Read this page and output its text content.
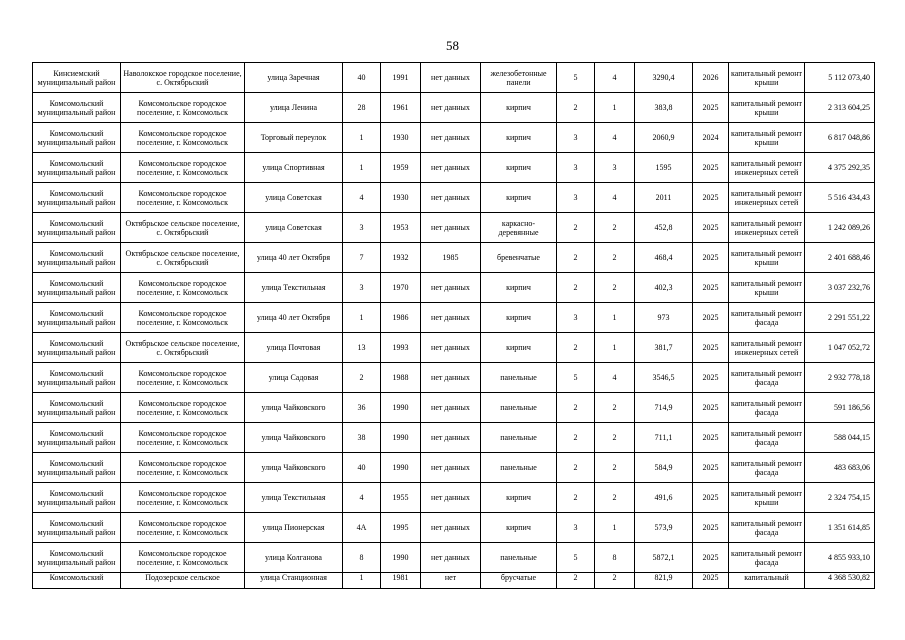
58
Кинсиемский муниципальный район	Наволокское городское поселение, с. Октябрьский	улица Заречная	40	1991	нет данных	железобетонные панели	5	4	3290,4	2026	капитальный ремонт крыши	5 112 073,40
Комсомольский муниципальный район	Комсомольское городское поселение, г. Комсомольск	улица Ленина	28	1961	нет данных	кирпич	2	1	383,8	2025	капитальный ремонт крыши	2 313 604,25
Комсомольский муниципальный район	Комсомольское городское поселение, г. Комсомольск	Торговый переулок	1	1930	нет данных	кирпич	3	4	2060,9	2024	капитальный ремонт крыши	6 817 048,86
Комсомольский муниципальный район	Комсомольское городское поселение, г. Комсомольск	улица Спортивная	1	1959	нет данных	кирпич	3	3	1595	2025	капитальный ремонт инженерных сетей	4 375 292,35
Комсомольский муниципальный район	Комсомольское городское поселение, г. Комсомольск	улица Советская	4	1930	нет данных	кирпич	3	4	2011	2025	капитальный ремонт инженерных сетей	5 516 434,43
Комсомольский муниципальный район	Октябрьское сельское поселение, с. Октябрьский	улица Советская	3	1953	нет данных	каркасно-деревянные	2	2	452,8	2025	капитальный ремонт инженерных сетей	1 242 089,26
Комсомольский муниципальный район	Октябрьское сельское поселение, с. Октябрьский	улица 40 лет Октября	7	1932	1985	бревенчатые	2	2	468,4	2025	капитальный ремонт крыши	2 401 688,46
Комсомольский муниципальный район	Комсомольское городское поселение, г. Комсомольск	улица Текстильная	3	1970	нет данных	кирпич	2	2	402,3	2025	капитальный ремонт крыши	3 037 232,76
Комсомольский муниципальный район	Комсомольское городское поселение, г. Комсомольск	улица 40 лет Октября	1	1986	нет данных	кирпич	3	1	973	2025	капитальный ремонт фасада	2 291 551,22
Комсомольский муниципальный район	Октябрьское сельское поселение, с. Октябрьский	улица Почтовая	13	1993	нет данных	кирпич	2	1	381,7	2025	капитальный ремонт инженерных сетей	1 047 052,72
Комсомольский муниципальный район	Комсомольское городское поселение, г. Комсомольск	улица Садовая	2	1988	нет данных	панельные	5	4	3546,5	2025	капитальный ремонт фасада	2 932 778,18
Комсомольский муниципальный район	Комсомольское городское поселение, г. Комсомольск	улица Чайковского	36	1990	нет данных	панельные	2	2	714,9	2025	капитальный ремонт фасада	591 186,56
Комсомольский муниципальный район	Комсомольское городское поселение, г. Комсомольск	улица Чайковского	38	1990	нет данных	панельные	2	2	711,1	2025	капитальный ремонт фасада	588 044,15
Комсомольский муниципальный район	Комсомольское городское поселение, г. Комсомольск	улица Чайковского	40	1990	нет данных	панельные	2	2	584,9	2025	капитальный ремонт фасада	483 683,06
Комсомольский муниципальный район	Комсомольское городское поселение, г. Комсомольск	улица Текстильная	4	1955	нет данных	кирпич	2	2	491,6	2025	капитальный ремонт крыши	2 324 754,15
Комсомольский муниципальный район	Комсомольское городское поселение, г. Комсомольск	улица Пионерская	4А	1995	нет данных	кирпич	3	1	573,9	2025	капитальный ремонт фасада	1 351 614,85
Комсомольский муниципальный район	Комсомольское городское поселение, г. Комсомольск	улица Колганова	8	1990	нет данных	панельные	5	8	5872,1	2025	капитальный ремонт фасада	4 855 933,10
Комсомольский	Подозерское сельское	улица Станционная	1	1981	нет	брусчатые	2	2	821,9	2025	капитальный	4 368 530,82
